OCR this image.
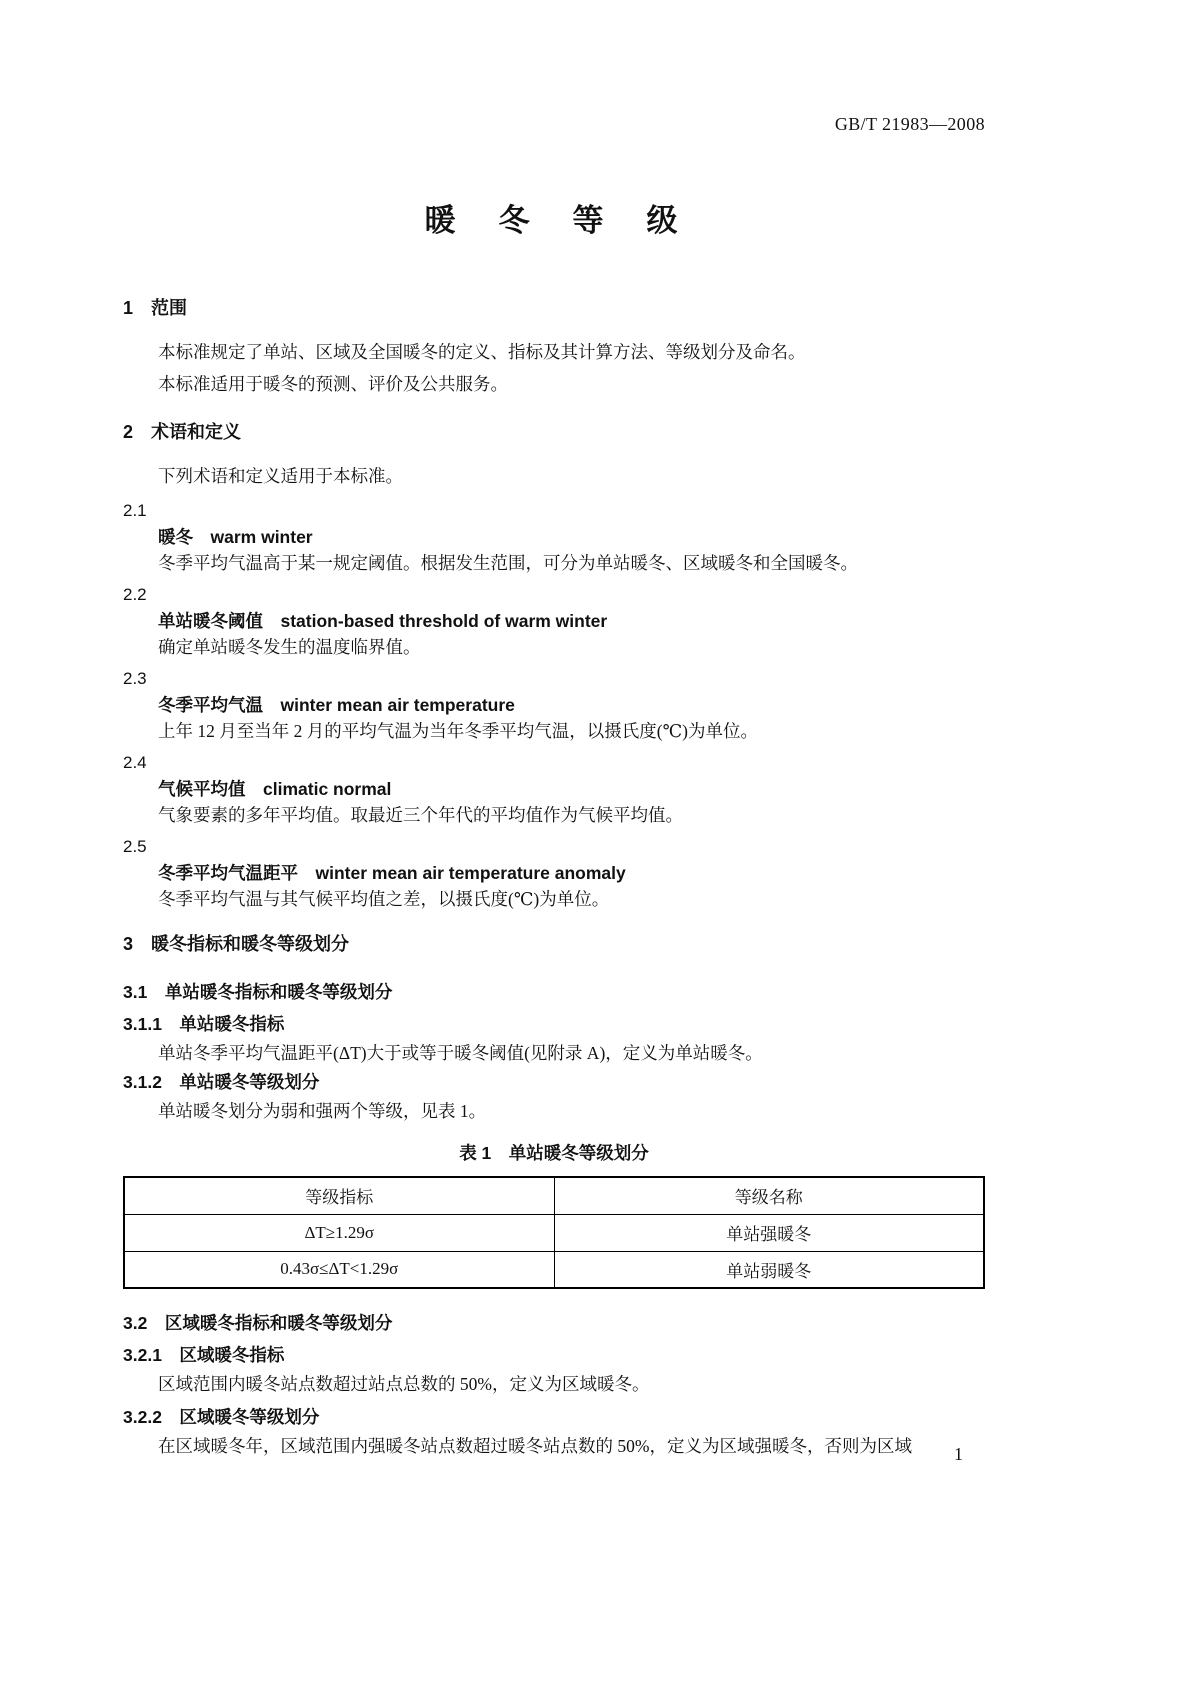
GB/T 21983—2008
暖　冬　等　级
1　范围

本标准规定了单站、区域及全国暖冬的定义、指标及其计算方法、等级划分及命名。

本标准适用于暖冬的预测、评价及公共服务。

2　术语和定义

下列术语和定义适用于本标准。

2.1
暖冬　warm winter

冬季平均气温高于某一规定阈值。根据发生范围，可分为单站暖冬、区域暖冬和全国暖冬。

2.2
单站暖冬阈值　station-based threshold of warm winter

确定单站暖冬发生的温度临界值。

2.3
冬季平均气温　winter mean air temperature

上年 12 月至当年 2 月的平均气温为当年冬季平均气温，以摄氏度(℃)为单位。

2.4
气候平均值　climatic normal

气象要素的多年平均值。取最近三个年代的平均值作为气候平均值。

2.5
冬季平均气温距平　winter mean air temperature anomaly

冬季平均气温与其气候平均值之差，以摄氏度(℃)为单位。

3　暖冬指标和暖冬等级划分
3.1　单站暖冬指标和暖冬等级划分
3.1.1　单站暖冬指标

单站冬季平均气温距平(ΔT)大于或等于暖冬阈值(见附录 A)，定义为单站暖冬。

3.1.2　单站暖冬等级划分

单站暖冬划分为弱和强两个等级，见表 1。

表 1　单站暖冬等级划分
等级指标	等级名称
ΔT≥1.29σ	单站强暖冬
0.43σ≤ΔT<1.29σ	单站弱暖冬
3.2　区域暖冬指标和暖冬等级划分
3.2.1　区域暖冬指标

区域范围内暖冬站点数超过站点总数的 50%，定义为区域暖冬。

3.2.2　区域暖冬等级划分

在区域暖冬年，区域范围内强暖冬站点数超过暖冬站点数的 50%，定义为区域强暖冬，否则为区域	1
